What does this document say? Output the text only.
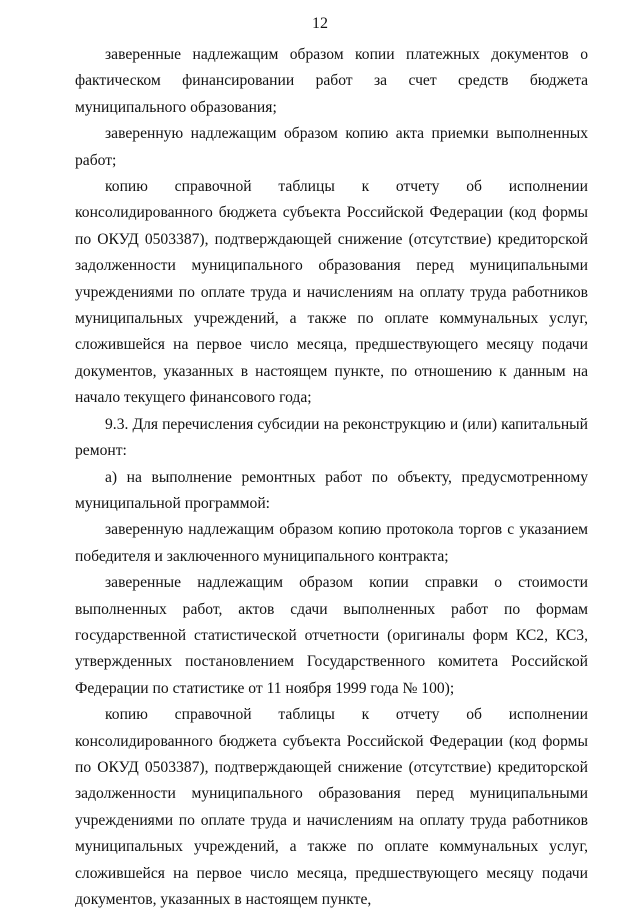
12

заверенные надлежащим образом копии платежных документов о фактическом финансировании работ за счет средств бюджета муниципального образования;

заверенную надлежащим образом копию акта приемки выполненных работ;

копию справочной таблицы к отчету об исполнении консолидированного бюджета субъекта Российской Федерации (код формы по ОКУД 0503387), подтверждающей снижение (отсутствие) кредиторской задолженности муниципального образования перед муниципальными учреждениями по оплате труда и начислениям на оплату труда работников муниципальных учреждений, а также по оплате коммунальных услуг, сложившейся на первое число месяца, предшествующего месяцу подачи документов, указанных в настоящем пункте, по отношению к данным на начало текущего финансового года;

9.3. Для перечисления субсидии на реконструкцию и (или) капитальный ремонт:

а) на выполнение ремонтных работ по объекту, предусмотренному муниципальной программой:

заверенную надлежащим образом копию протокола торгов с указанием победителя и заключенного муниципального контракта;

заверенные надлежащим образом копии справки о стоимости выполненных работ, актов сдачи выполненных работ по формам государственной статистической отчетности (оригиналы форм КС2, КС3, утвержденных постановлением Государственного комитета Российской Федерации по статистике от 11 ноября 1999 года № 100);

копию справочной таблицы к отчету об исполнении консолидированного бюджета субъекта Российской Федерации (код формы по ОКУД 0503387), подтверждающей снижение (отсутствие) кредиторской задолженности муниципального образования перед муниципальными учреждениями по оплате труда и начислениям на оплату труда работников муниципальных учреждений, а также по оплате коммунальных услуг, сложившейся на первое число месяца, предшествующего месяцу подачи документов, указанных в настоящем пункте,
